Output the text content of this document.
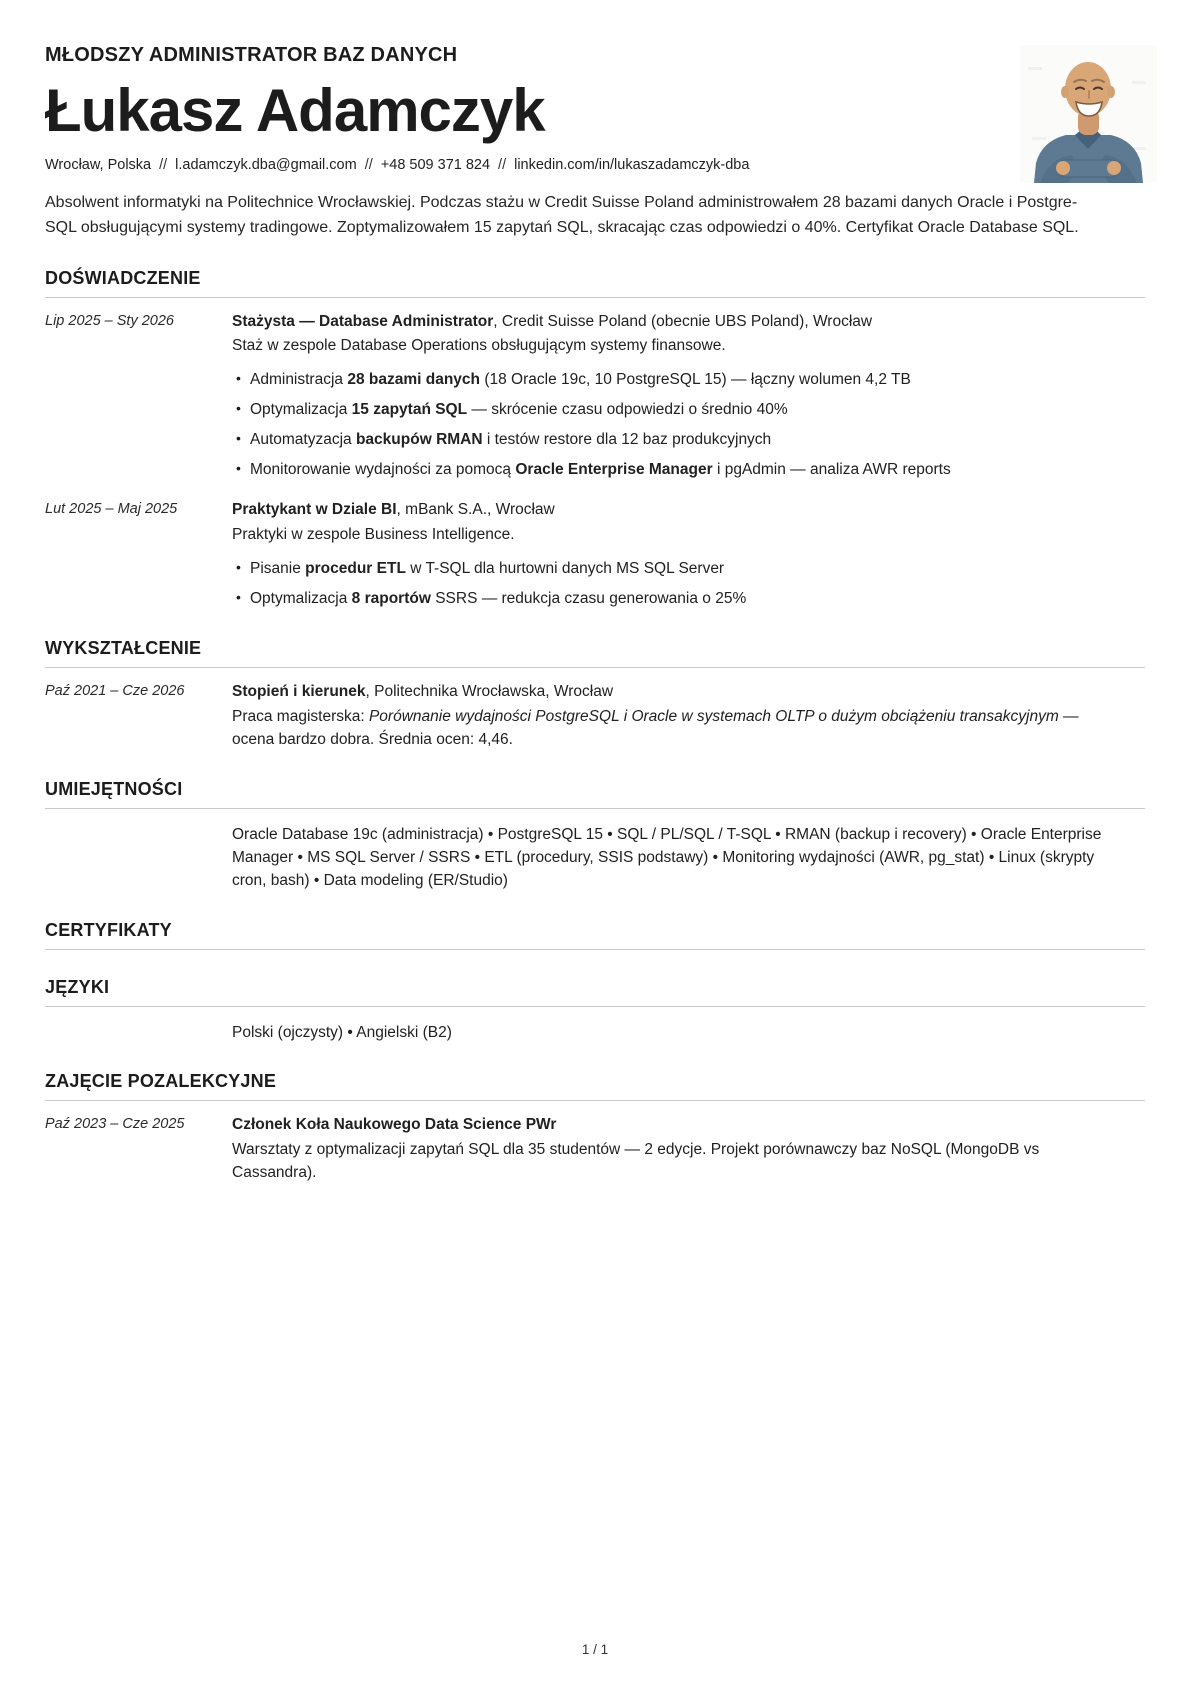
MŁODSZY ADMINISTRATOR BAZ DANYCH
Łukasz Adamczyk
Wrocław, Polska // l.adamczyk.dba@gmail.com // +48 509 371 824 // linkedin.com/in/lukaszadamczyk-dba
Absolwent informatyki na Politechnice Wrocławskiej. Podczas stażu w Credit Suisse Poland administrowałem 28 bazami danych Oracle i Postgre-
SQL obsługującymi systemy tradingowe. Zoptymalizowałem 15 zapytań SQL, skracając czas odpowiedzi o 40%. Certyfikat Oracle Database SQL.
DOŚWIADCZENIE
Lip 2025 – Sty 2026	Stażysta — Database Administrator, Credit Suisse Poland (obecnie UBS Poland), Wrocław

Staż w zespole Database Operations obsługującym systemy finansowe.

• Administracja 28 bazami danych (18 Oracle 19c, 10 PostgreSQL 15) — łączny wolumen 4,2 TB
• Optymalizacja 15 zapytań SQL — skrócenie czasu odpowiedzi o średnio 40%
• Automatyzacja backupów RMAN i testów restore dla 12 baz produkcyjnych
• Monitorowanie wydajności za pomocą Oracle Enterprise Manager i pgAdmin — analiza AWR reports
Lut 2025 – Maj 2025	Praktykant w Dziale BI, mBank S.A., Wrocław

Praktyki w zespole Business Intelligence.

• Pisanie procedur ETL w T-SQL dla hurtowni danych MS SQL Server
• Optymalizacja 8 raportów SSRS — redukcja czasu generowania o 25%
WYKSZTAŁCENIE
Paź 2021 – Cze 2026	Stopień i kierunek, Politechnika Wrocławska, Wrocław

Praca magisterska: Porównanie wydajności PostgreSQL i Oracle w systemach OLTP o dużym obciążeniu transakcyjnym — ocena bardzo dobra. Średnia ocen: 4,46.

UMIEJĘTNOŚCI

Oracle Database 19c (administracja) • PostgreSQL 15 • SQL / PL/SQL / T-SQL • RMAN (backup i recovery) • Oracle Enterprise Manager • MS SQL Server / SSRS • ETL (procedury, SSIS podstawy) • Monitoring wydajności (AWR, pg_stat) • Linux (skrypty cron, bash) • Data modeling (ER/Studio)

CERTYFIKATY
JĘZYKI

Polski (ojczysty) • Angielski (B2)

ZAJĘCIE POZALEKCYJNE
Paź 2023 – Cze 2025	Członek Koła Naukowego Data Science PWr

Warsztaty z optymalizacji zapytań SQL dla 35 studentów — 2 edycje. Projekt porównawczy baz NoSQL (MongoDB vs Cassandra).

1 / 1
